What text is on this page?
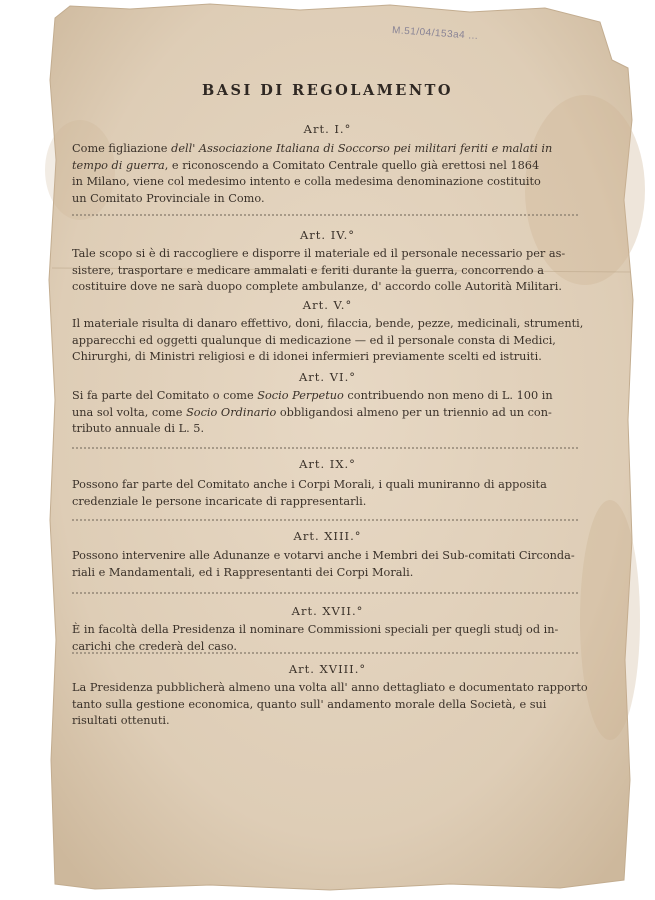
M.51/04/153a4 ...
BASI DI REGOLAMENTO
Art. I.°
Come figliazione dell' Associazione Italiana di Soccorso pei militari feriti e malati in
tempo di guerra, e riconoscendo a Comitato Centrale quello già erettosi nel 1864
in Milano, viene col medesimo intento e colla medesima denominazione costituito
un Comitato Provinciale in Como.
Art. IV.°
Tale scopo si è di raccogliere e disporre il materiale ed il personale necessario per as-
sistere, trasportare e medicare ammalati e feriti durante la guerra, concorrendo a
costituire dove ne sarà duopo complete ambulanze, d' accordo colle Autorità Militari.
Art. V.°
Il materiale risulta di danaro effettivo, doni, filaccia, bende, pezze, medicinali, strumenti,
apparecchi ed oggetti qualunque di medicazione — ed il personale consta di Medici,
Chirurghi, di Ministri religiosi e di idonei infermieri previamente scelti ed istruiti.
Art. VI.°
Si fa parte del Comitato o come Socio Perpetuo contribuendo non meno di L. 100 in
una sol volta, come Socio Ordinario obbligandosi almeno per un triennio ad un con-
tributo annuale di L. 5.
Art. IX.°
Possono far parte del Comitato anche i Corpi Morali, i quali muniranno di apposita
credenziale le persone incaricate di rappresentarli.
Art. XIII.°
Possono intervenire alle Adunanze e votarvi anche i Membri dei Sub-comitati Circonda-
riali e Mandamentali, ed i Rappresentanti dei Corpi Morali.
Art. XVII.°
È in facoltà della Presidenza il nominare Commissioni speciali per quegli studj od in-
carichi che crederà del caso.
Art. XVIII.°
La Presidenza pubblicherà almeno una volta all' anno dettagliato e documentato rapporto
tanto sulla gestione economica, quanto sull' andamento morale della Società, e sui
risultati ottenuti.
